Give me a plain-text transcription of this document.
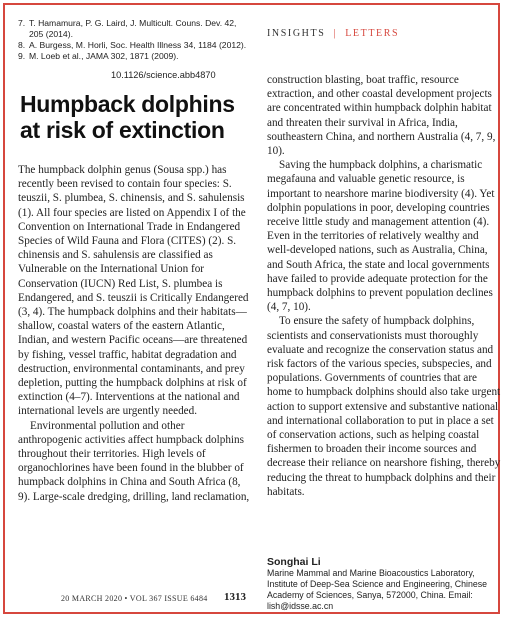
7. T. Hamamura, P. G. Laird, J. Multicult. Couns. Dev. 42, 205 (2014).
8. A. Burgess, M. Horli, Soc. Health Illness 34, 1184 (2012).
9. M. Loeb et al., JAMA 302, 1871 (2009).
10.1126/science.abb4870
Humpback dolphins at risk of extinction
INSIGHTS | LETTERS

The humpback dolphin genus (Sousa spp.) has recently been revised to contain four species: S. teuszii, S. plumbea, S. chinensis, and S. sahulensis (1). All four species are listed on Appendix I of the Convention on International Trade in Endangered Species of Wild Fauna and Flora (CITES) (2). S. chinensis and S. sahulensis are classified as Vulnerable on the International Union for Conservation (IUCN) Red List, S. plumbea is Endangered, and S. teuszii is Critically Endangered (3, 4). The humpback dolphins and their habitats—shallow, coastal waters of the eastern Atlantic, Indian, and western Pacific oceans—are threatened by fishing, vessel traffic, habitat degradation and destruction, environmental contaminants, and prey depletion, putting the humpback dolphins at risk of extinction (4–7). Interventions at the national and international levels are urgently needed.

Environmental pollution and other anthropogenic activities affect humpback dolphins throughout their territories. High levels of organochlorines have been found in the blubber of humpback dolphins in China and South Africa (8, 9). Large-scale dredging, drilling, land reclamation,

construction blasting, boat traffic, resource extraction, and other coastal development projects are concentrated within humpback dolphin habitat and threaten their survival in Africa, India, southeastern China, and northern Australia (4, 7, 9, 10).

Saving the humpback dolphins, a charismatic megafauna and valuable genetic resource, is important to nearshore marine biodiversity (4). Yet dolphin populations in poor, developing countries receive little study and management attention (4). Even in the territories of relatively wealthy and well-developed nations, such as Australia, China, and South Africa, the state and local governments have failed to provide adequate protection for the humpback dolphins to prevent population declines (4, 7, 10).

To ensure the safety of humpback dolphins, scientists and conservationists must thoroughly evaluate and recognize the conservation status and risk factors of the various species, subspecies, and populations. Governments of countries that are home to humpback dolphins should also take urgent action to support extensive and substantive national and international collaboration to put in place a set of conservation actions, such as helping coastal fishermen to broaden their income sources and decrease their reliance on nearshore fishing, thereby reducing the threat to humpback dolphins and their habitats.

Songhai Li
Marine Mammal and Marine Bioacoustics Laboratory, Institute of Deep-Sea Science and Engineering, Chinese Academy of Sciences, Sanya, 572000, China. Email: lish@idsse.ac.cn
20 MARCH 2020 • VOL 367 ISSUE 6484 1313
